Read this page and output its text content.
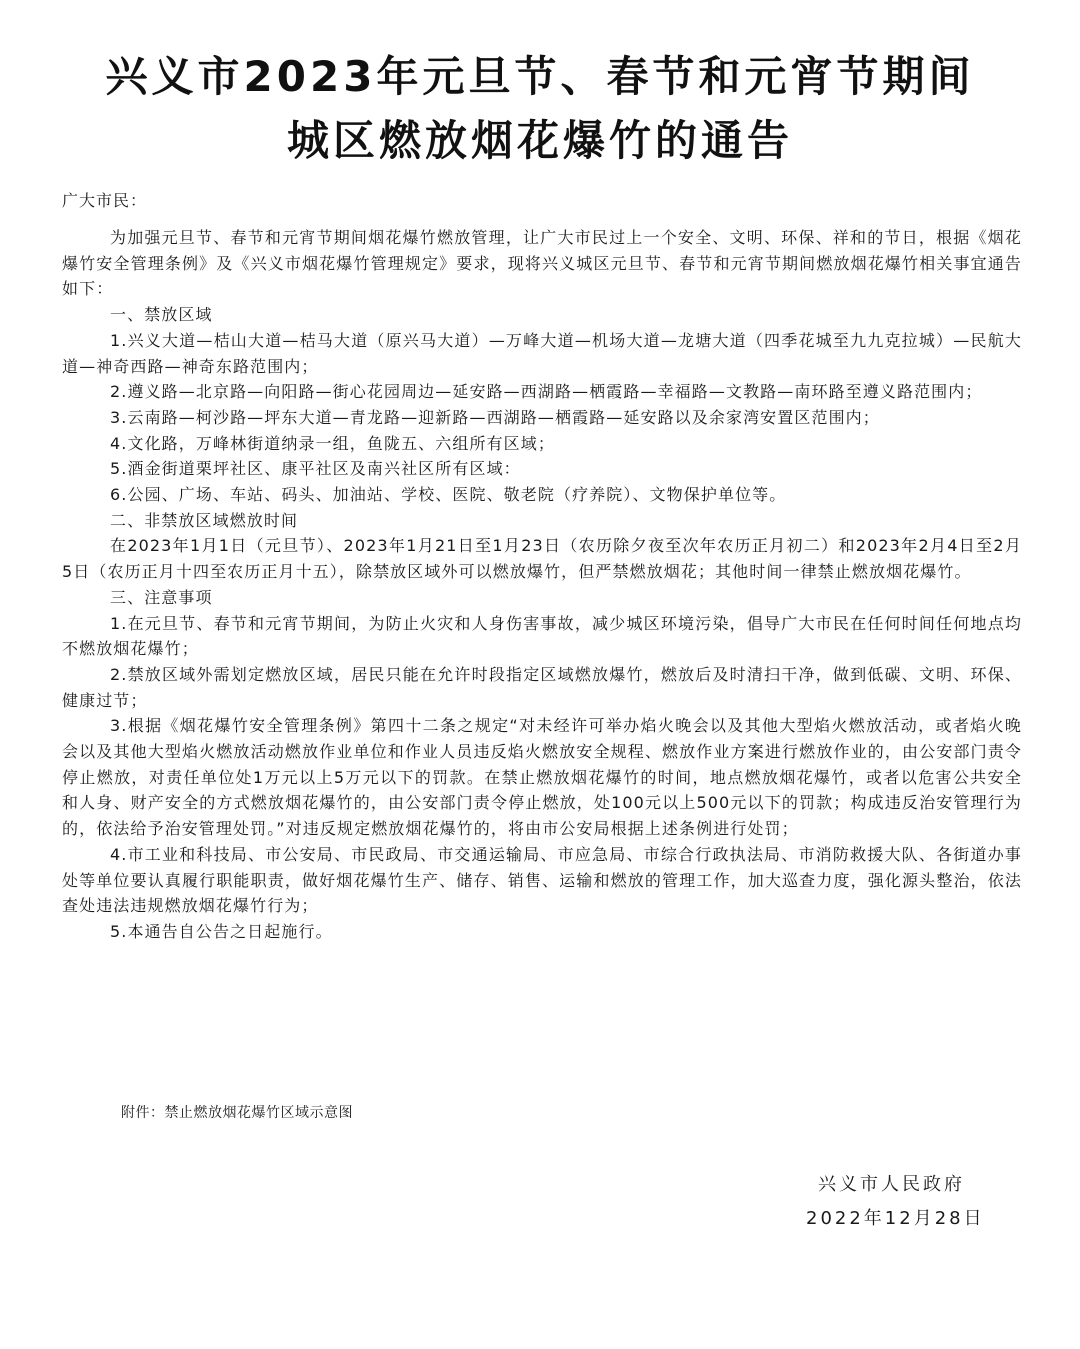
兴义市2023年元旦节、春节和元宵节期间
城区燃放烟花爆竹的通告
广大市民：

为加强元旦节、春节和元宵节期间烟花爆竹燃放管理，让广大市民过上一个安全、文明、环保、祥和的节日，根据《烟花爆竹安全管理条例》及《兴义市烟花爆竹管理规定》要求，现将兴义城区元旦节、春节和元宵节期间燃放烟花爆竹相关事宜通告如下：

一、禁放区域

1.兴义大道—桔山大道—桔马大道（原兴马大道）—万峰大道—机场大道—龙塘大道（四季花城至九九克拉城）—民航大道—神奇西路—神奇东路范围内；

2.遵义路—北京路—向阳路—街心花园周边—延安路—西湖路—栖霞路—幸福路—文教路—南环路至遵义路范围内；

3.云南路—柯沙路—坪东大道—青龙路—迎新路—西湖路—栖霞路—延安路以及余家湾安置区范围内；

4.文化路，万峰林街道纳录一组，鱼陇五、六组所有区域；

5.酒金街道栗坪社区、康平社区及南兴社区所有区域：

6.公园、广场、车站、码头、加油站、学校、医院、敬老院（疗养院）、文物保护单位等。

二、非禁放区域燃放时间

在2023年1月1日（元旦节）、2023年1月21日至1月23日（农历除夕夜至次年农历正月初二）和2023年2月4日至2月5日（农历正月十四至农历正月十五），除禁放区域外可以燃放爆竹，但严禁燃放烟花；其他时间一律禁止燃放烟花爆竹。

三、注意事项

1.在元旦节、春节和元宵节期间，为防止火灾和人身伤害事故，减少城区环境污染，倡导广大市民在任何时间任何地点均不燃放烟花爆竹；

2.禁放区域外需划定燃放区域，居民只能在允许时段指定区域燃放爆竹，燃放后及时清扫干净，做到低碳、文明、环保、健康过节；

3.根据《烟花爆竹安全管理条例》第四十二条之规定“对未经许可举办焰火晚会以及其他大型焰火燃放活动，或者焰火晚会以及其他大型焰火燃放活动燃放作业单位和作业人员违反焰火燃放安全规程、燃放作业方案进行燃放作业的，由公安部门责令停止燃放，对责任单位处1万元以上5万元以下的罚款。在禁止燃放烟花爆竹的时间，地点燃放烟花爆竹，或者以危害公共安全和人身、财产安全的方式燃放烟花爆竹的，由公安部门责令停止燃放，处100元以上500元以下的罚款；构成违反治安管理行为的，依法给予治安管理处罚。”对违反规定燃放烟花爆竹的，将由市公安局根据上述条例进行处罚；

4.市工业和科技局、市公安局、市民政局、市交通运输局、市应急局、市综合行政执法局、市消防救援大队、各街道办事处等单位要认真履行职能职责，做好烟花爆竹生产、储存、销售、运输和燃放的管理工作，加大巡查力度，强化源头整治，依法查处违法违规燃放烟花爆竹行为；

5.本通告自公告之日起施行。

附件：禁止燃放烟花爆竹区域示意图
兴义市人民政府
2022年12月28日
